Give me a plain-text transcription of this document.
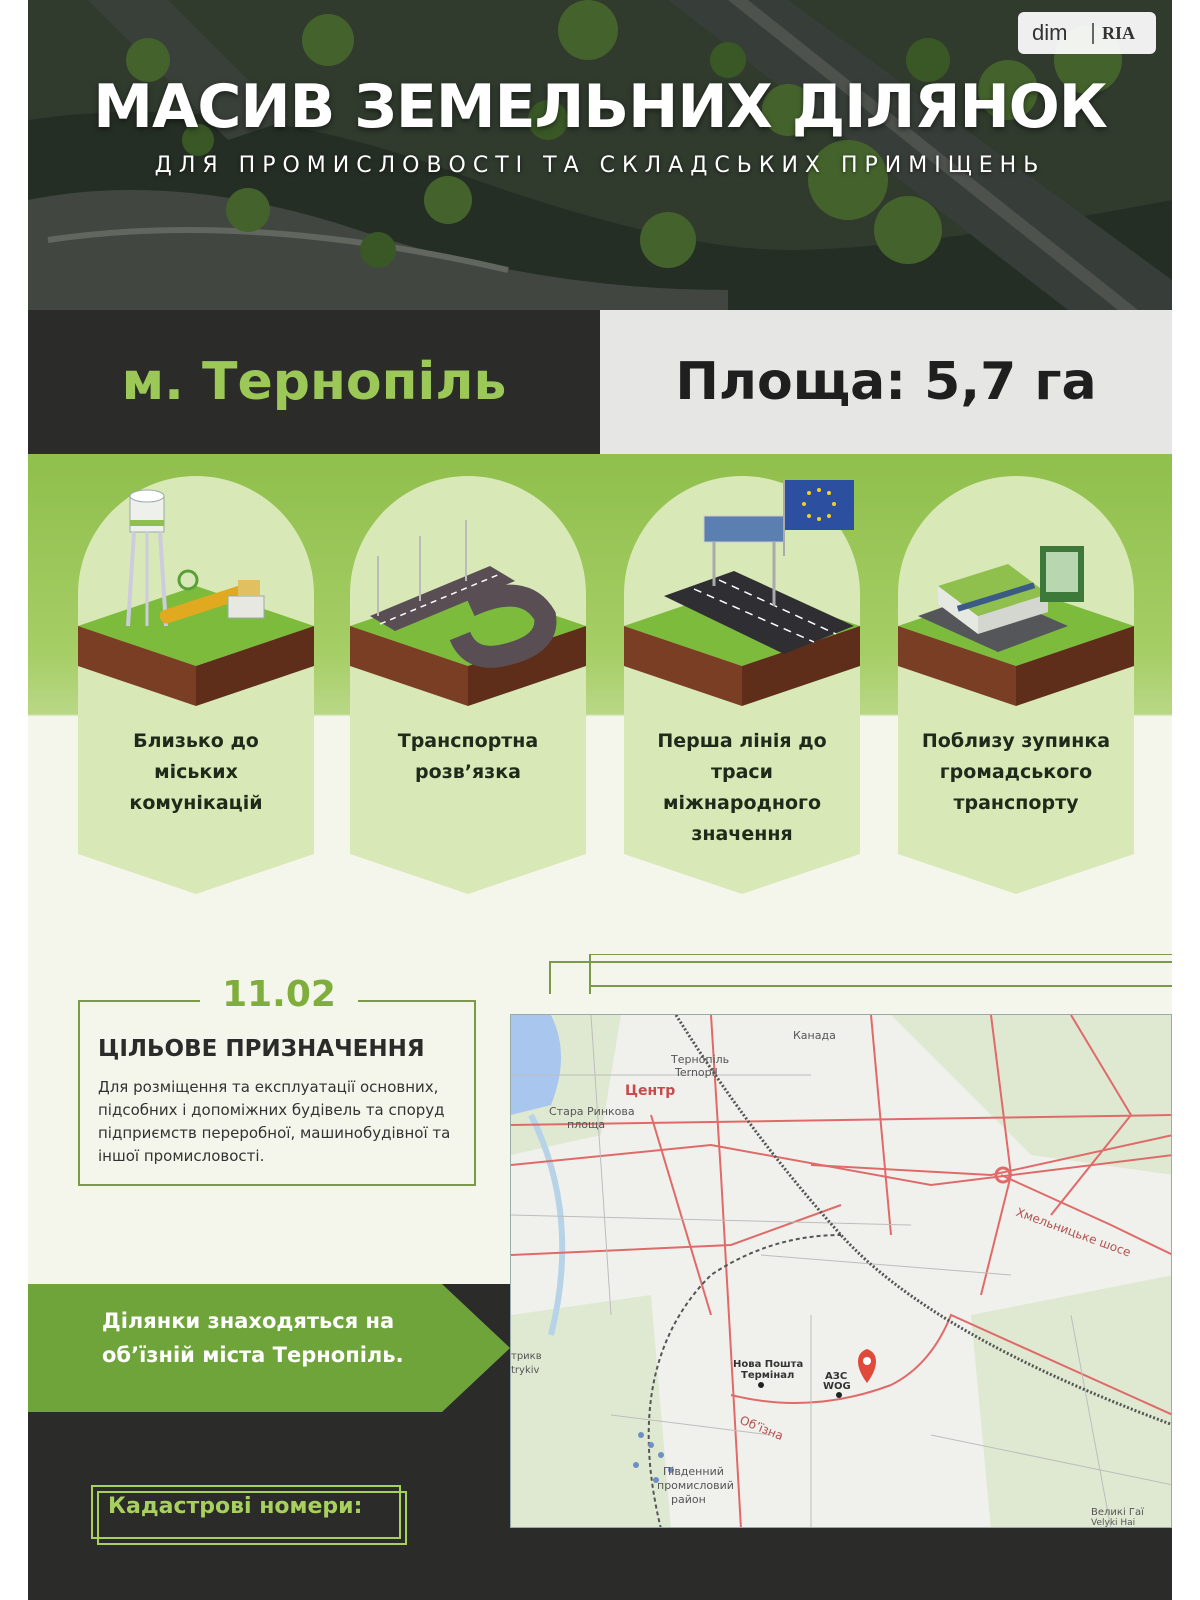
МАСИВ ЗЕМЕЛЬНИХ ДІЛЯНОК
ДЛЯ ПРОМИСЛОВОСТІ ТА СКЛАДСЬКИХ ПРИМІЩЕНЬ
dim	RIA
м. Тернопіль	Площа: 5,7 га
Близько до міських комунікацій
Транспортна розв’язка
Перша лінія до траси міжнародного значення
Поблизу зупинка громадського транспорту
11.02
ЦІЛЬОВЕ ПРИЗНАЧЕННЯ
Для розміщення та експлуатації основних, підсобних і допоміжних будівель та споруд підприємств переробної, машинобудівної та іншої промисловості.
Ділянки знаходяться на об’їзній міста Тернопіль.
Кадастрові номери:
Канада
Тернопіль
Ternopil
Центр
Стара Ринкова
площа
Хмельницьке шосе
Нова Пошта
Термінал	АЗС
WOG
Об’їзна
Південний
промисловий
район
Великі Гаї
Velyki Hai
трикв
trykiv
